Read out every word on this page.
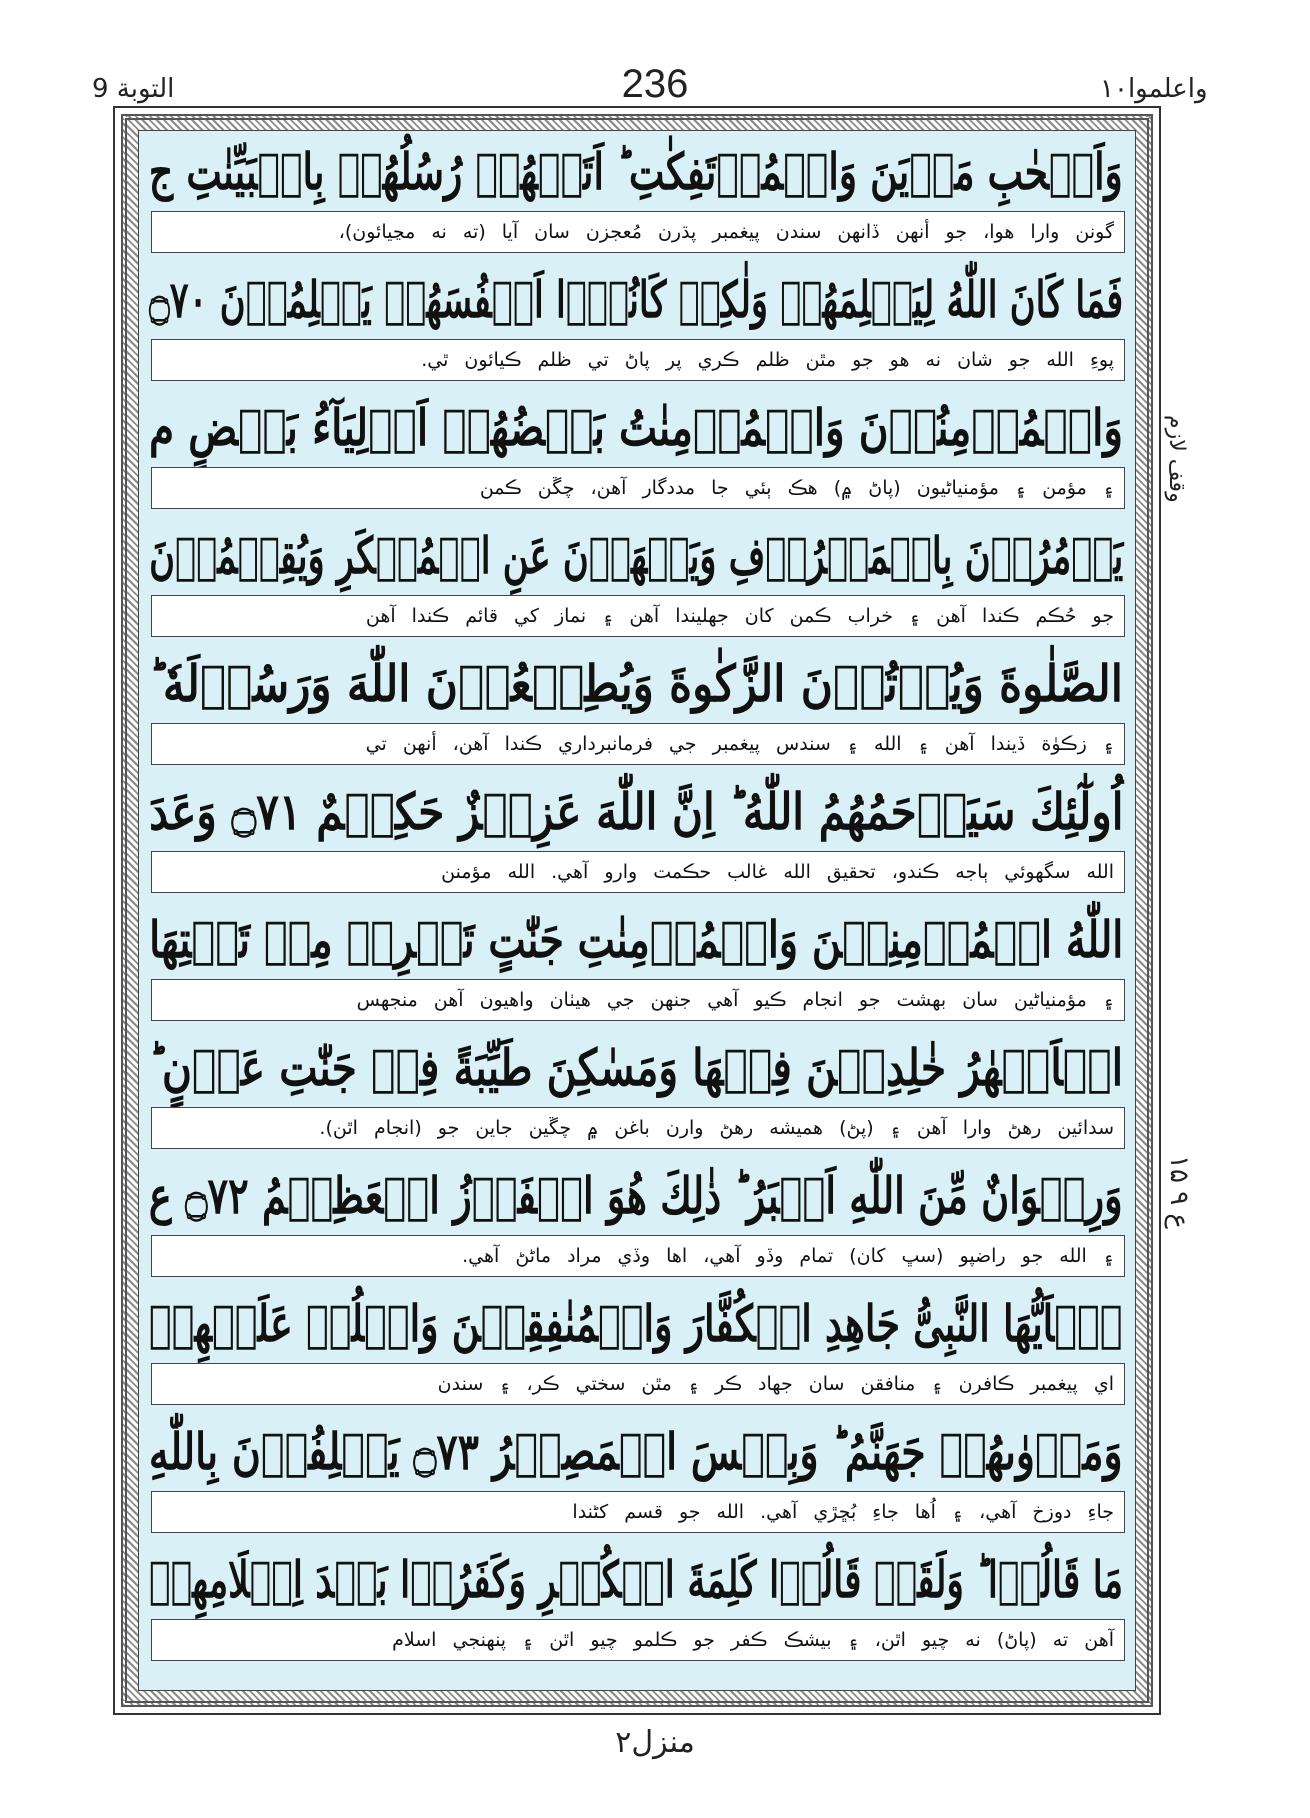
التوبة 9	236	واعلموا١٠
وَاَصۡحٰبِ مَدۡيَنَ وَالۡمُؤۡتَفِكٰتِ ؕ اَتَتۡهُمۡ رُسُلُهُمۡ بِالۡبَيِّنٰتِ ج
گونن وارا هوا، جو أنهن ڏانهن سندن پيغمبر پڌرن مُعجزن سان آيا (ته نه مڃيائون)،
فَمَا كَانَ اللّٰهُ لِيَظۡلِمَهُمۡ وَلٰكِنۡ كَانُوۡۤا اَنۡفُسَهُمۡ يَظۡلِمُوۡنَ ۝٧٠
پوءِ الله جو شان نه هو جو مٿن ظلم ڪري پر پاڻ تي ظلم ڪيائون ٿي.
وَالۡمُؤۡمِنُوۡنَ وَالۡمُؤۡمِنٰتُ بَعۡضُهُمۡ اَوۡلِيَآءُ بَعۡضٍ م
۽ مؤمن ۽ مؤمنياڻيون (پاڻ ۾) هڪ ٻئي جا مددگار آهن، چڱن ڪمن
يَاۡمُرُوۡنَ بِالۡمَعۡرُوۡفِ وَيَنۡهَوۡنَ عَنِ الۡمُنۡكَرِ وَيُقِيۡمُوۡنَ
جو حُڪم ڪندا آهن ۽ خراب ڪمن کان جهليندا آهن ۽ نماز کي قائم ڪندا آهن
الصَّلٰوةَ وَيُؤۡتُوۡنَ الزَّكٰوةَ وَيُطِيۡعُوۡنَ اللّٰهَ وَرَسُوۡلَهٗ ؕ
۽ زڪوٰة ڏيندا آهن ۽ الله ۽ سندس پيغمبر جي فرمانبرداري ڪندا آهن، أنهن تي
اُولٰٓئِكَ سَيَرۡحَمُهُمُ اللّٰهُ ؕ اِنَّ اللّٰهَ عَزِيۡزٌ حَكِيۡمٌ ۝٧١ وَعَدَ
الله سگهوئي ٻاجه ڪندو، تحقيق الله غالب حڪمت وارو آهي. الله مؤمنن
اللّٰهُ الۡمُؤۡمِنِيۡنَ وَالۡمُؤۡمِنٰتِ جَنّٰتٍ تَجۡرِىۡ مِنۡ تَحۡتِهَا
۽ مؤمنياڻين سان بهشت جو انجام ڪيو آهي جنهن جي هيٺان واهيون آهن منجهس
الۡاَنۡهٰرُ خٰلِدِيۡنَ فِيۡهَا وَمَسٰكِنَ طَيِّبَةً فِىۡ جَنّٰتِ عَدۡنٍ ؕ
سدائين رهڻ وارا آهن ۽ (پڻ) هميشه رهڻ وارن باغن ۾ چڱين جاين جو (انجام اٿن).
وَرِضۡوَانٌ مِّنَ اللّٰهِ اَكۡبَرُ ؕ ذٰلِكَ هُوَ الۡفَوۡزُ الۡعَظِيۡمُ ۝٧٢ ع
۽ الله جو راضپو (سڀ کان) تمام وڏو آهي، اها وڏي مراد ماڻڻ آهي.
يٰۤاَيُّهَا النَّبِىُّ جَاهِدِ الۡكُفَّارَ وَالۡمُنٰفِقِيۡنَ وَاغۡلُظۡ عَلَيۡهِمۡ
اي پيغمبر ڪافرن ۽ منافقن سان جهاد ڪر ۽ مٿن سختي ڪر، ۽ سندن
وَمَاۡوٰٮهُمۡ جَهَنَّمُ ؕ وَبِئۡسَ الۡمَصِيۡرُ ۝٧٣ يَحۡلِفُوۡنَ بِاللّٰهِ
جاءِ دوزخ آهي، ۽ اُها جاءِ بُڇڙي آهي. الله جو قسم کڻندا
مَا قَالُوۡا ؕ وَلَقَدۡ قَالُوۡا كَلِمَةَ الۡكُفۡرِ وَكَفَرُوۡا بَعۡدَ اِسۡلَامِهِمۡ
آهن ته (پاڻ) نه چيو اٿن، ۽ بيشڪ ڪفر جو ڪلمو چيو اٿن ۽ پنهنجي اسلام
وقف لازم
ع ٩ ۱۵
منزل٢
